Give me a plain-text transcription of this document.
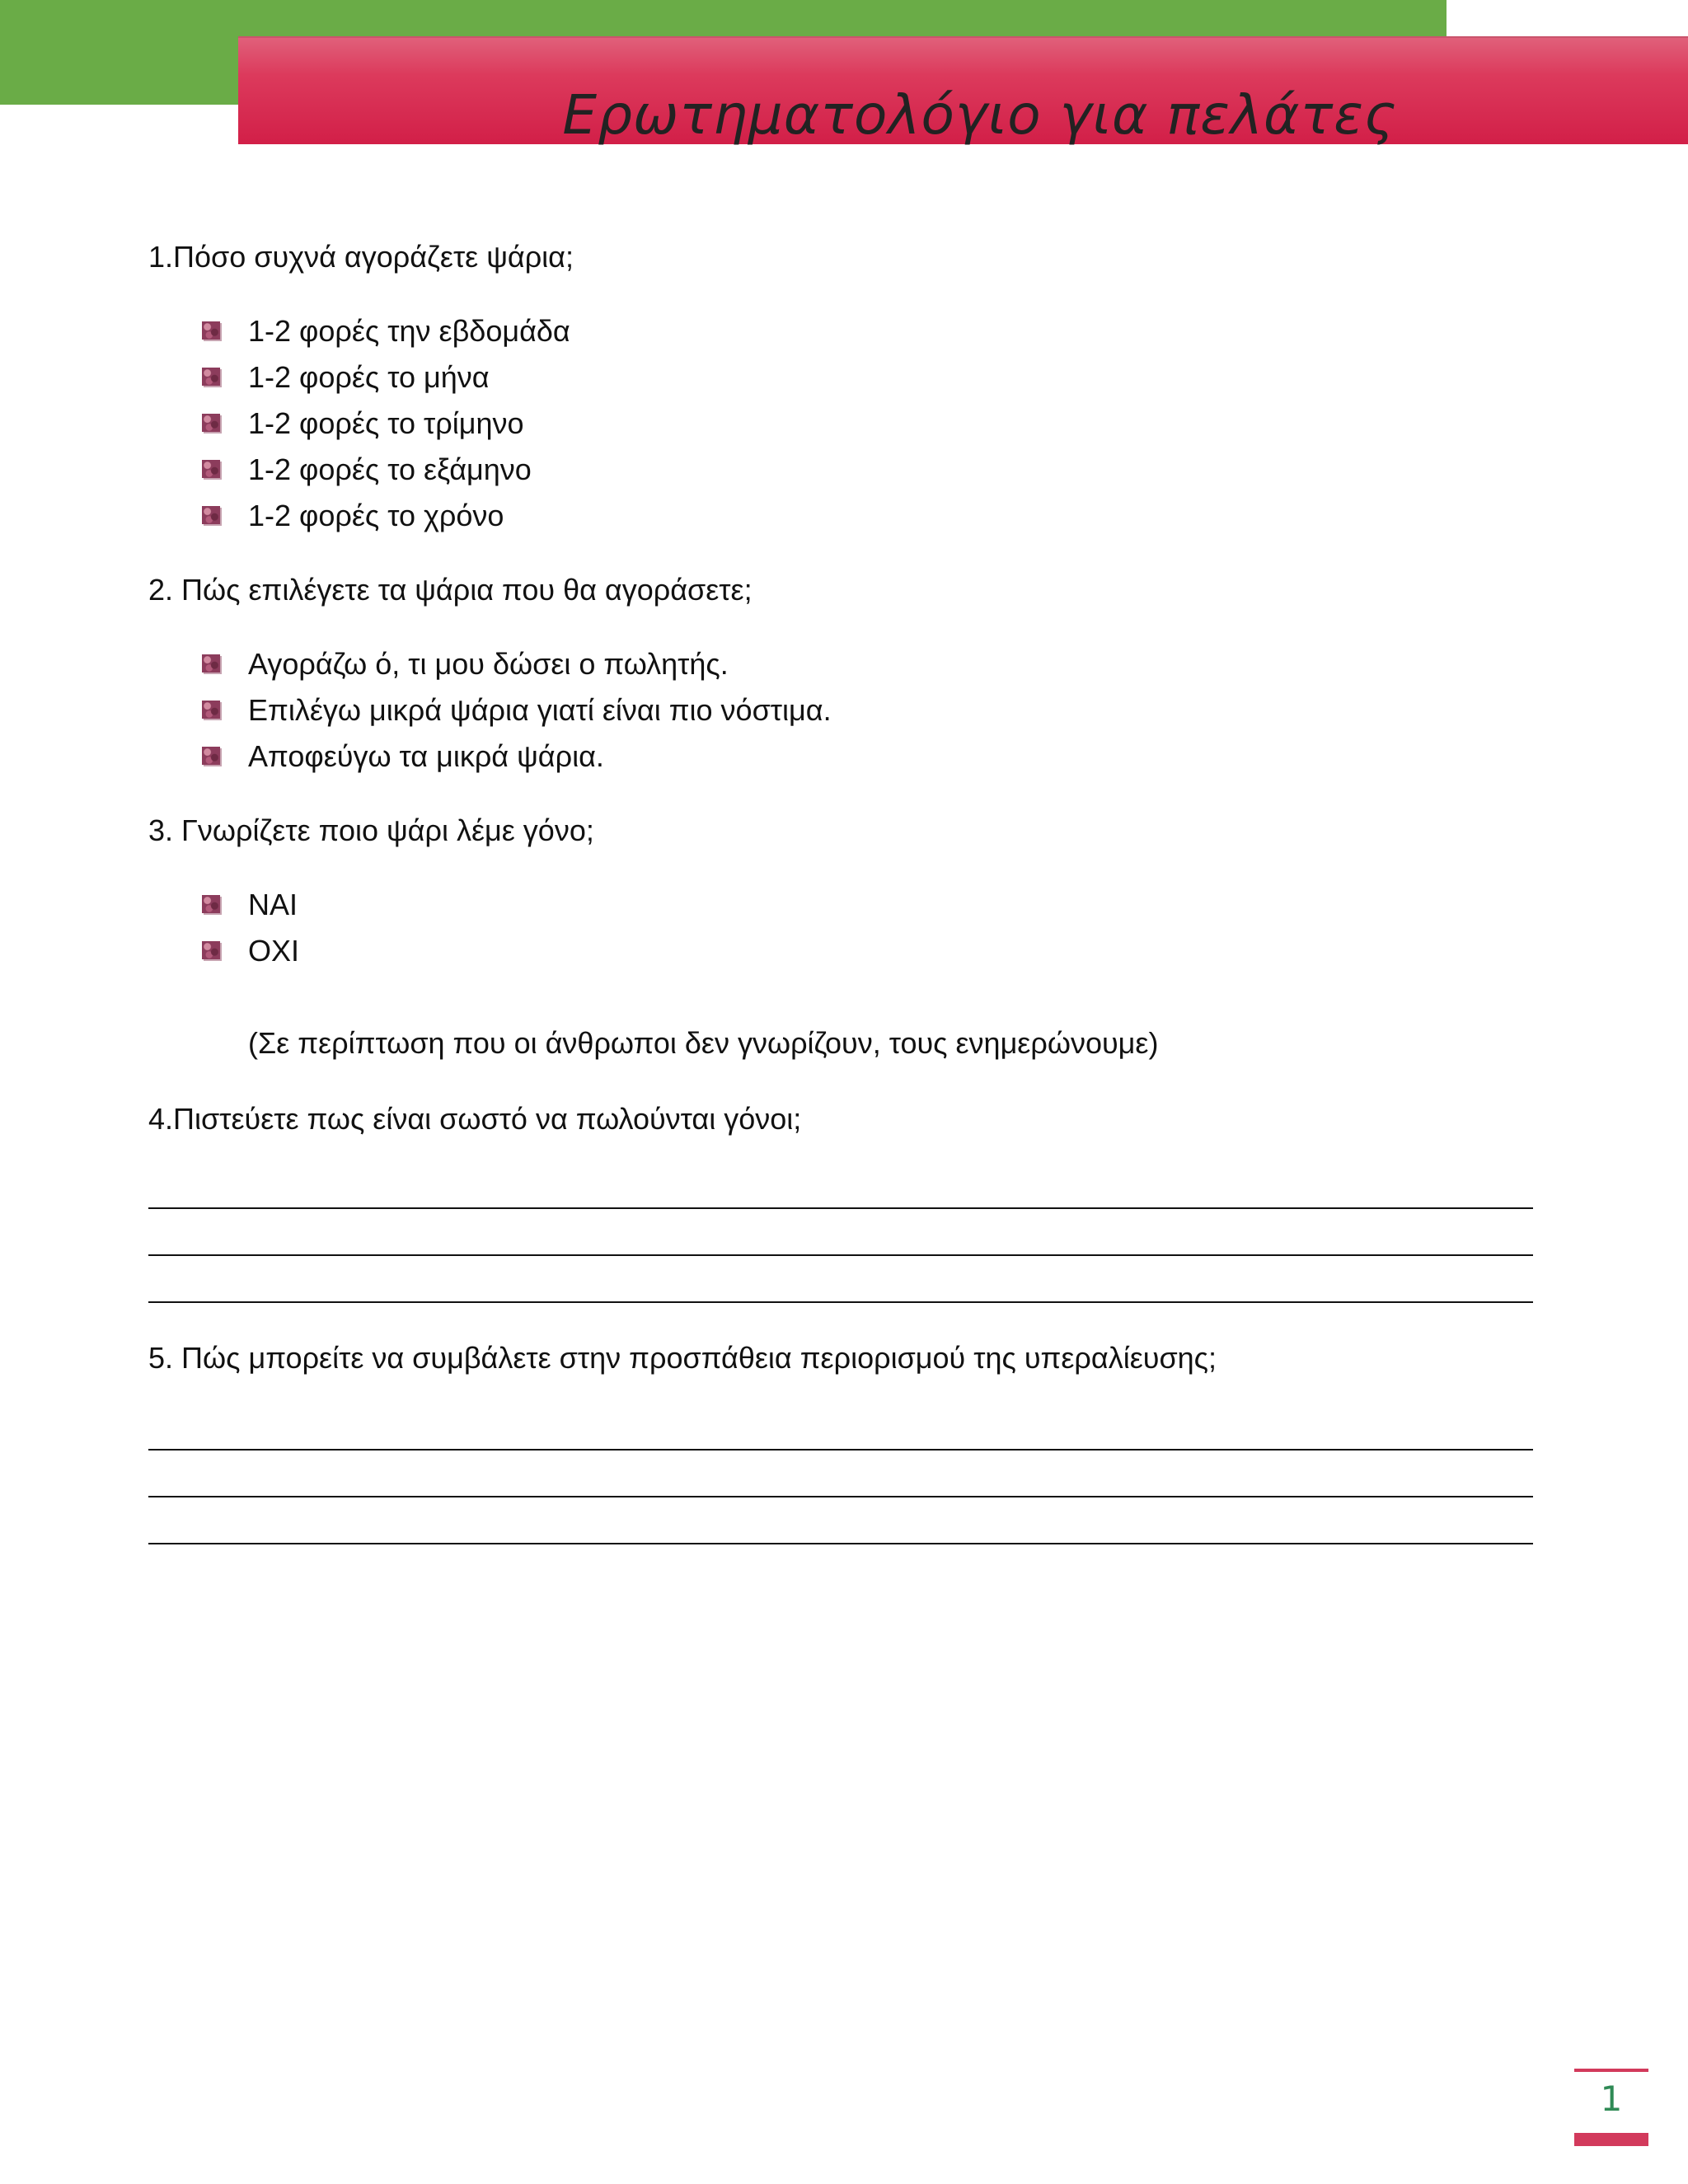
Ερωτηματολόγιο για πελάτες
1.Πόσο συχνά αγοράζετε ψάρια;
1-2 φορές την εβδομάδα
1-2 φορές το μήνα
1-2 φορές το τρίμηνο
1-2 φορές το εξάμηνο
1-2 φορές το χρόνο
2. Πώς επιλέγετε τα ψάρια που θα αγοράσετε;
Αγοράζω ό, τι μου δώσει ο πωλητής.
Επιλέγω μικρά ψάρια γιατί είναι πιο νόστιμα.
Αποφεύγω τα μικρά ψάρια.
3. Γνωρίζετε ποιο ψάρι λέμε γόνο;
ΝΑΙ
ΟΧΙ
(Σε περίπτωση που οι άνθρωποι δεν γνωρίζουν, τους ενημερώνουμε)
4.Πιστεύετε πως είναι σωστό να πωλούνται γόνοι;
5. Πώς μπορείτε να συμβάλετε στην προσπάθεια περιορισμού της υπεραλίευσης;
1
